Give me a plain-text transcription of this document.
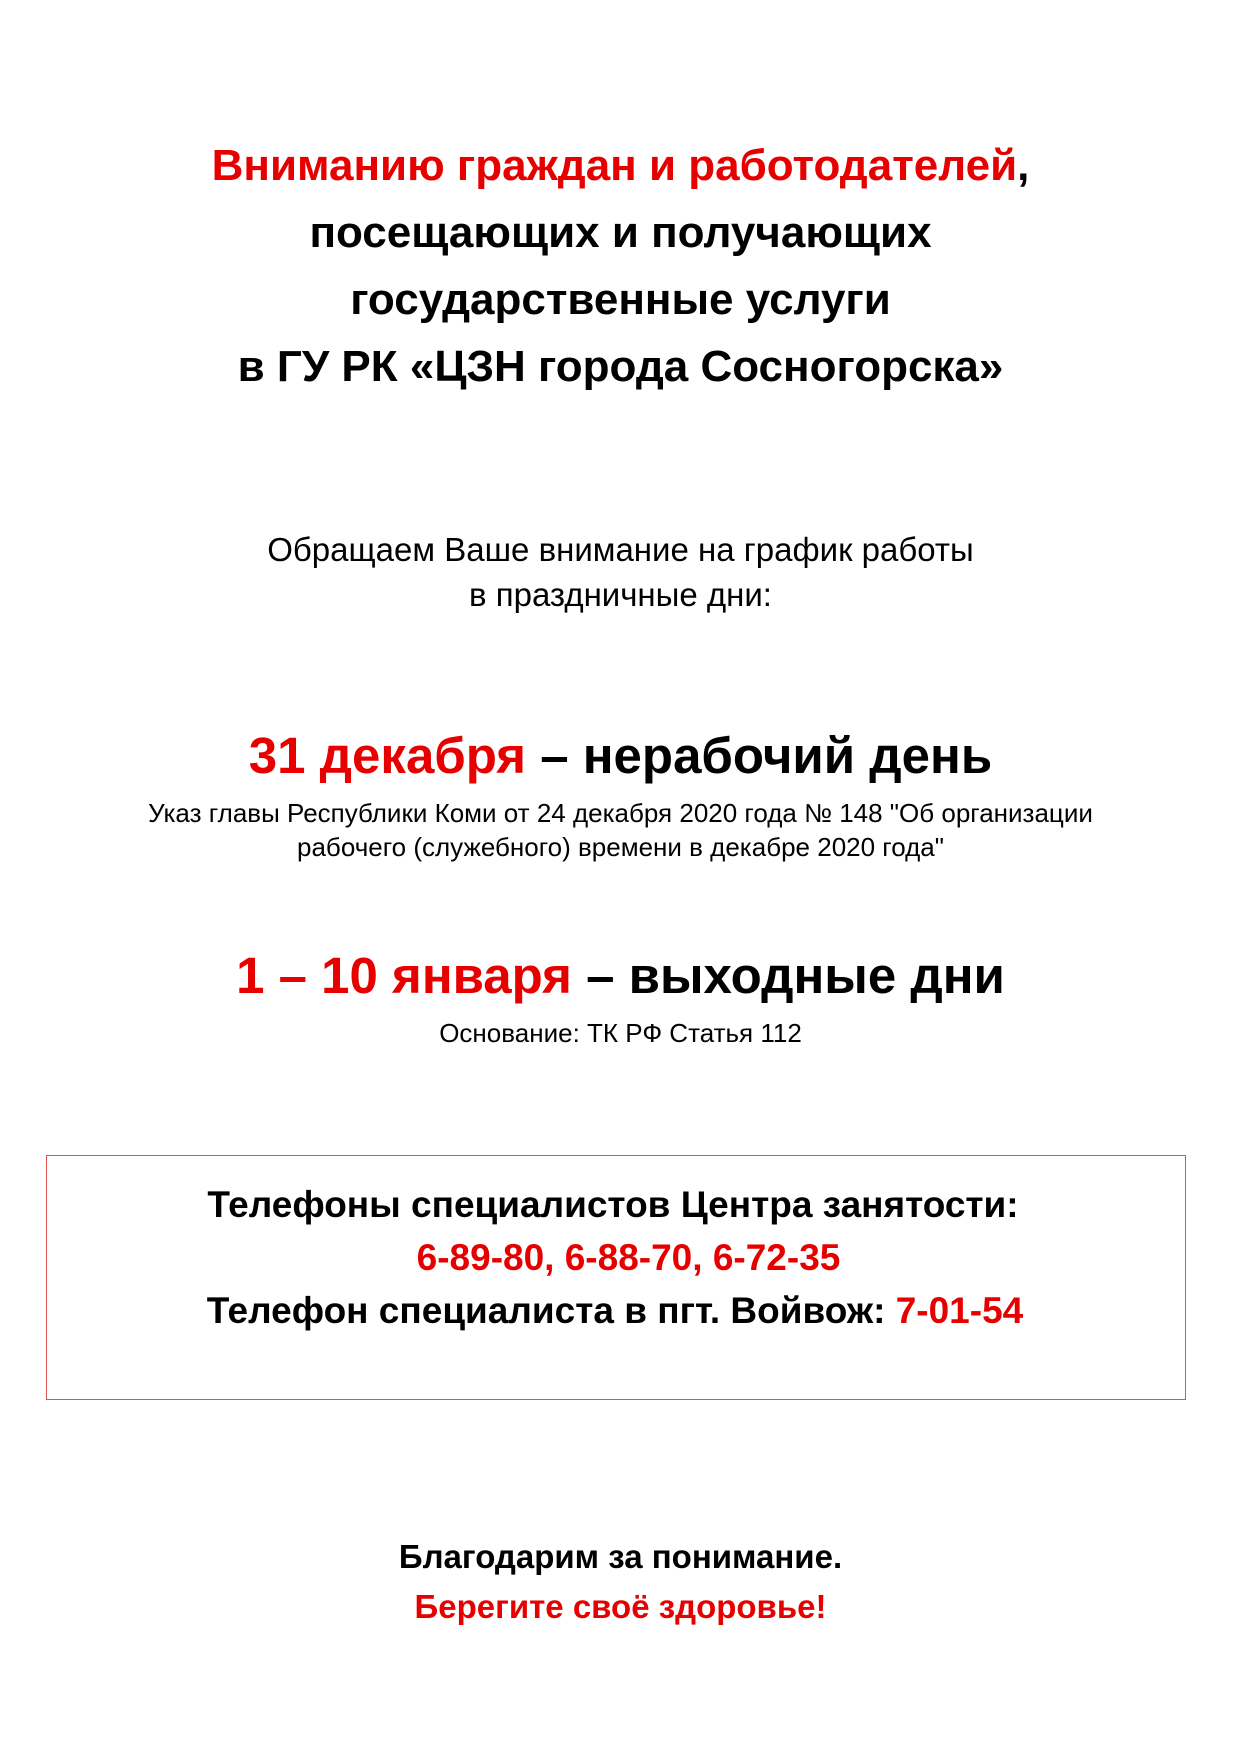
Вниманию граждан и работодателей,
посещающих и получающих
государственные услуги
в ГУ РК «ЦЗН города Сосногорска»
Обращаем Ваше внимание на график работы
в праздничные дни:
31 декабря – нерабочий день
Указ главы Республики Коми от 24 декабря 2020 года № 148 "Об организации
рабочего (служебного) времени в декабре 2020 года"
1 – 10 января – выходные дни
Основание: ТК РФ Статья 112
Телефоны специалистов Центра занятости:
6-89-80, 6-88-70, 6-72-35
Телефон специалиста в пгт. Войвож: 7-01-54
Благодарим за понимание.
Берегите своё здоровье!
